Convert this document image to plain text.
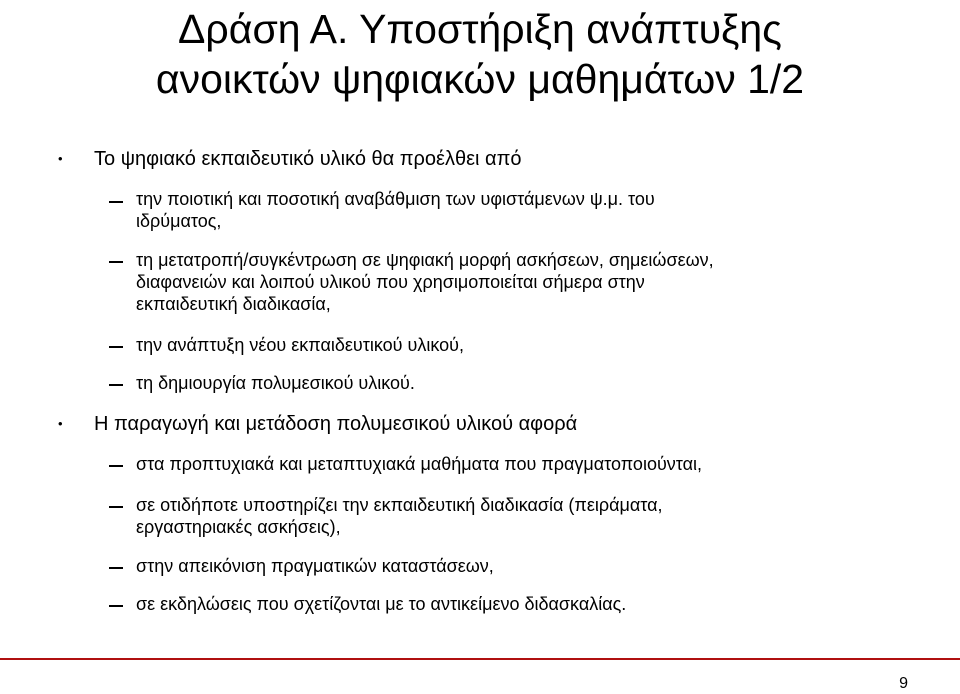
Δράση Α. Υποστήριξη ανάπτυξης
ανοικτών ψηφιακών μαθημάτων 1/2
• Το ψηφιακό εκπαιδευτικό υλικό θα προέλθει από
την ποιοτική και ποσοτική αναβάθμιση των υφιστάμενων ψ.μ. του
ιδρύματος,
τη μετατροπή/συγκέντρωση σε ψηφιακή μορφή ασκήσεων, σημειώσεων,
διαφανειών και λοιπού υλικού που χρησιμοποιείται σήμερα στην
εκπαιδευτική διαδικασία,
την ανάπτυξη νέου εκπαιδευτικού υλικού,
τη δημιουργία πολυμεσικού υλικού.
• Η παραγωγή και μετάδοση πολυμεσικού υλικού αφορά
στα προπτυχιακά και μεταπτυχιακά μαθήματα που πραγματοποιούνται,
σε οτιδήποτε υποστηρίζει την εκπαιδευτική διαδικασία (πειράματα,
εργαστηριακές ασκήσεις),
στην απεικόνιση πραγματικών καταστάσεων,
σε εκδηλώσεις που σχετίζονται με το αντικείμενο διδασκαλίας.
9
